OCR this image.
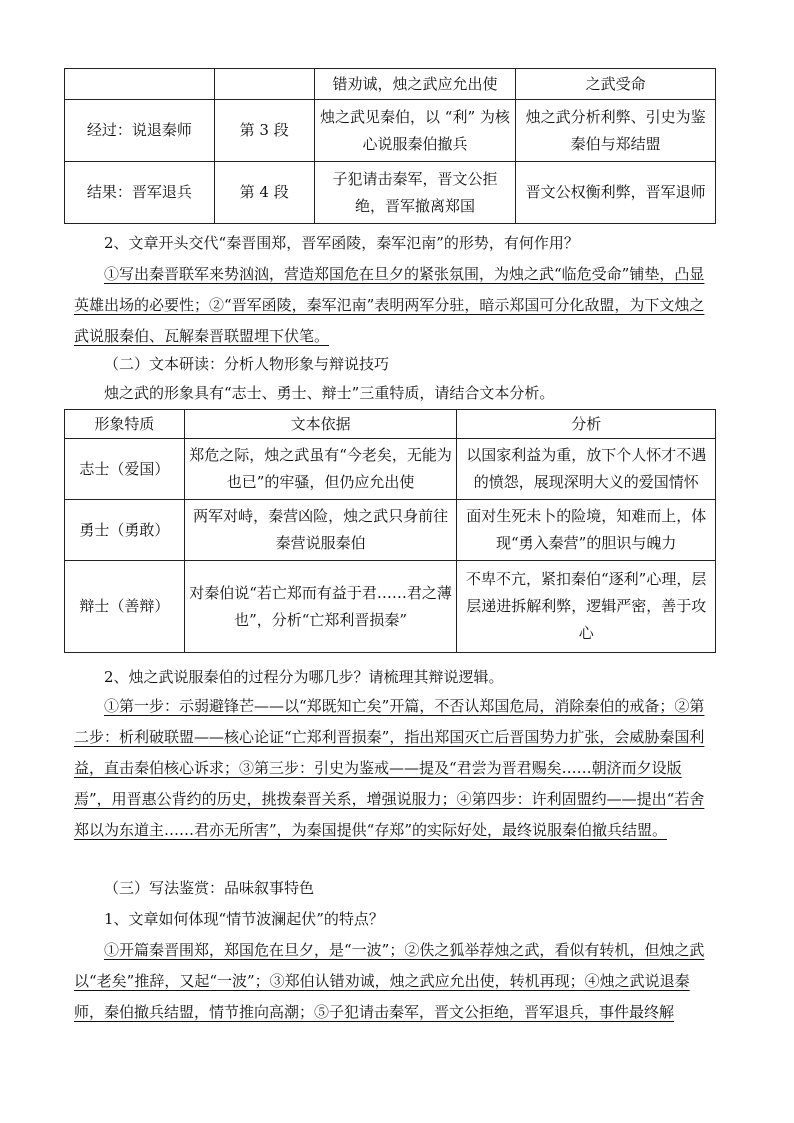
		错劝诚，烛之武应允出使	之武受命
经过：说退秦师	第 3 段	烛之武见秦伯，以 “利” 为核心说服秦伯撤兵	烛之武分析利弊、引史为鉴 秦伯与郑结盟
结果：晋军退兵	第 4 段	子犯请击秦军，晋文公拒绝，晋军撤离郑国	晋文公权衡利弊，晋军退师

2、文章开头交代“秦晋围郑，晋军函陵，秦军氾南”的形势，有何作用？

①写出秦晋联军来势汹汹，营造郑国危在旦夕的紧张氛围，为烛之武“临危受命”铺垫，凸显英雄出场的必要性；②“晋军函陵，秦军氾南”表明两军分驻，暗示郑国可分化敌盟，为下文烛之武说服秦伯、瓦解秦晋联盟埋下伏笔。

（二）文本研读：分析人物形象与辩说技巧

烛之武的形象具有“志士、勇士、辩士”三重特质，请结合文本分析。

形象特质	文本依据	分析
志士（爱国）	郑危之际，烛之武虽有“今老矣，无能为也已”的牢骚，但仍应允出使	以国家利益为重，放下个人怀才不遇的愤怨，展现深明大义的爱国情怀
勇士（勇敢）	两军对峙，秦营凶险，烛之武只身前往秦营说服秦伯	面对生死未卜的险境，知难而上，体现“勇入秦营”的胆识与魄力
辩士（善辩）	对秦伯说“若亡郑而有益于君……君之薄也”，分析“亡郑利晋损秦”	不卑不亢，紧扣秦伯“逐利”心理，层层递进拆解利弊，逻辑严密，善于攻心

2、烛之武说服秦伯的过程分为哪几步？请梳理其辩说逻辑。

①第一步：示弱避锋芒——以“郑既知亡矣”开篇，不否认郑国危局，消除秦伯的戒备；②第二步：析利破联盟——核心论证“亡郑利晋损秦”，指出郑国灭亡后晋国势力扩张，会威胁秦国利益，直击秦伯核心诉求；③第三步：引史为鉴戒——提及“君尝为晋君赐矣……朝济而夕设版焉”，用晋惠公背约的历史，挑拨秦晋关系，增强说服力；④第四步：许利固盟约——提出“若舍郑以为东道主……君亦无所害”，为秦国提供“存郑”的实际好处，最终说服秦伯撤兵结盟。

（三）写法鉴赏：品味叙事特色

1、文章如何体现“情节波澜起伏”的特点？

①开篇秦晋围郑，郑国危在旦夕，是“一波”；②佚之狐举荐烛之武，看似有转机，但烛之武以“老矣”推辞，又起“一波”；③郑伯认错劝诚，烛之武应允出使，转机再现；④烛之武说退秦师，秦伯撤兵结盟，情节推向高潮；⑤子犯请击秦军，晋文公拒绝，晋军退兵，事件最终解
